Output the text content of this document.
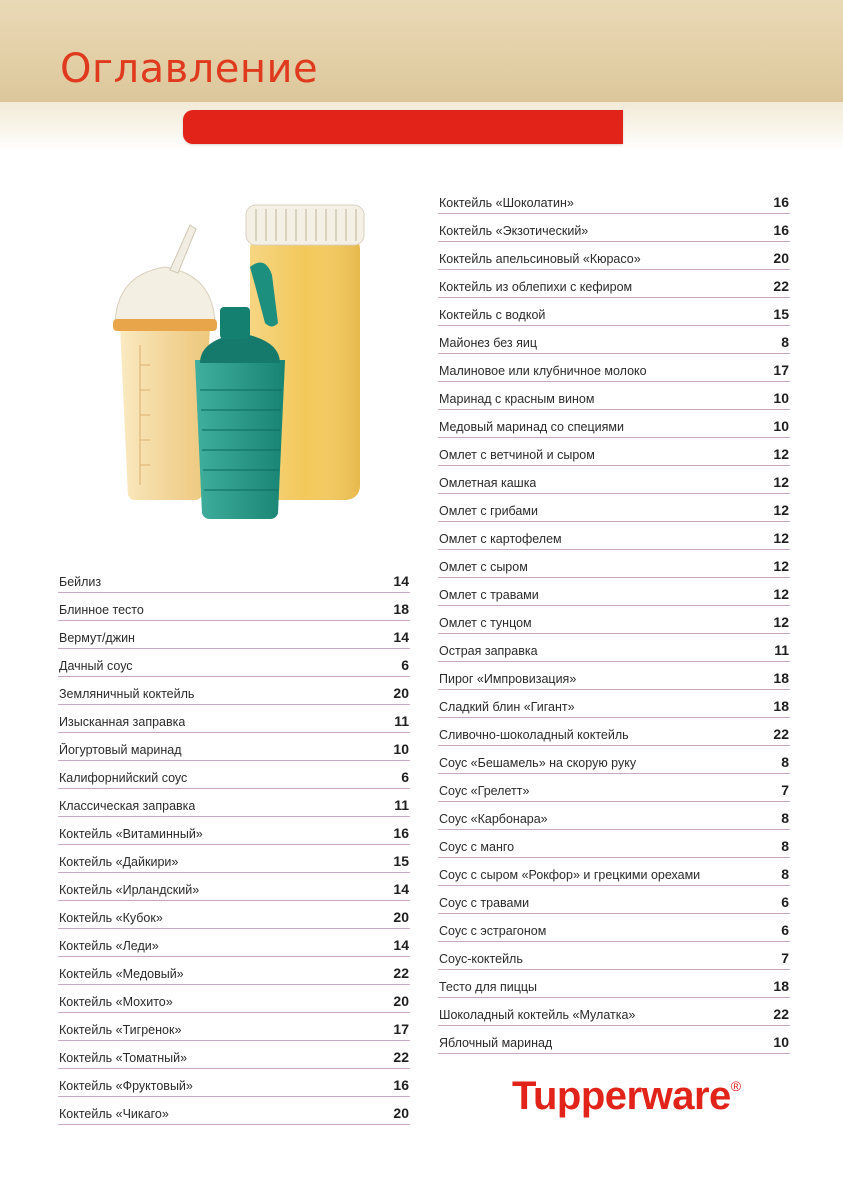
Оглавление
Бейлиз	14
Блинное тесто	18
Вермут/джин	14
Дачный соус	6
Земляничный коктейль	20
Изысканная заправка	11
Йогуртовый маринад	10
Калифорнийский соус	6
Классическая заправка	11
Коктейль «Витаминный»	16
Коктейль «Дайкири»	15
Коктейль «Ирландский»	14
Коктейль «Кубок»	20
Коктейль «Леди»	14
Коктейль «Медовый»	22
Коктейль «Мохито»	20
Коктейль «Тигренок»	17
Коктейль «Томатный»	22
Коктейль «Фруктовый»	16
Коктейль «Чикаго»	20
Коктейль «Шоколатин»	16
Коктейль «Экзотический»	16
Коктейль апельсиновый «Кюрасо»	20
Коктейль из облепихи с кефиром	22
Коктейль с водкой	15
Майонез без яиц	8
Малиновое или клубничное молоко	17
Маринад с красным вином	10
Медовый маринад со специями	10
Омлет с ветчиной и сыром	12
Омлетная кашка	12
Омлет с грибами	12
Омлет с картофелем	12
Омлет с сыром	12
Омлет с травами	12
Омлет с тунцом	12
Острая заправка	11
Пирог «Импровизация»	18
Сладкий блин «Гигант»	18
Сливочно-шоколадный коктейль	22
Соус «Бешамель» на скорую руку	8
Соус «Грелетт»	7
Соус «Карбонара»	8
Соус с манго	8
Соус с сыром «Рокфор» и грецкими орехами	8
Соус с травами	6
Соус с эстрагоном	6
Соус-коктейль	7
Тесто для пиццы	18
Шоколадный коктейль «Мулатка»	22
Яблочный маринад	10
Tupperware®
